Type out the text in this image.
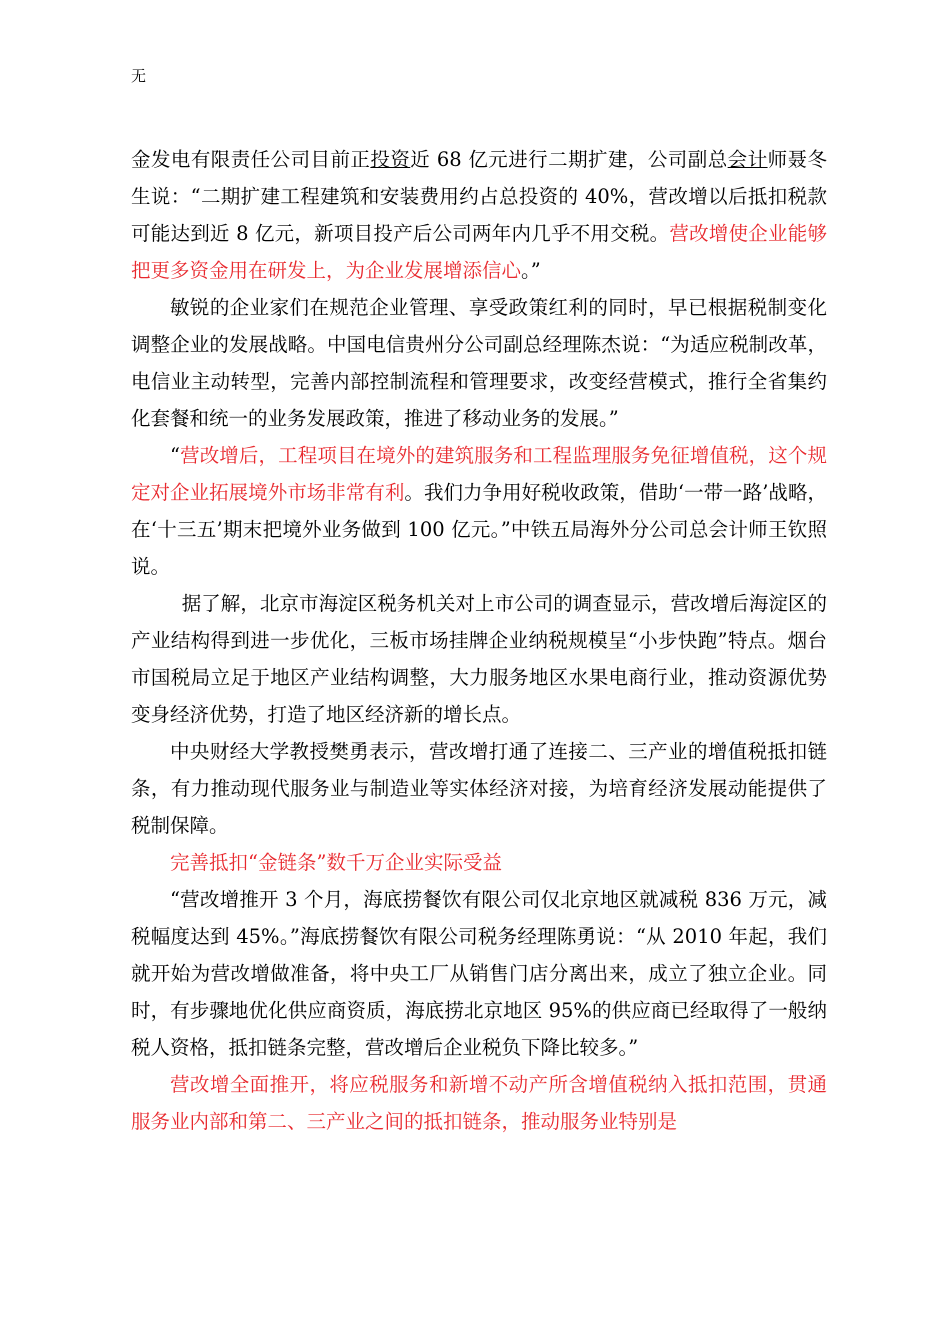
无

金发电有限责任公司目前正投资近 68 亿元进行二期扩建，公司副总会计师聂冬生说：“二期扩建工程建筑和安装费用约占总投资的 40%，营改增以后抵扣税款可能达到近 8 亿元，新项目投产后公司两年内几乎不用交税。营改增使企业能够把更多资金用在研发上，为企业发展增添信心。”

敏锐的企业家们在规范企业管理、享受政策红利的同时，早已根据税制变化调整企业的发展战略。中国电信贵州分公司副总经理陈杰说：“为适应税制改革，电信业主动转型，完善内部控制流程和管理要求，改变经营模式，推行全省集约化套餐和统一的业务发展政策，推进了移动业务的发展。”

“营改增后，工程项目在境外的建筑服务和工程监理服务免征增值税，这个规定对企业拓展境外市场非常有利。我们力争用好税收政策，借助‘一带一路’战略，在‘十三五’期末把境外业务做到 100 亿元。”中铁五局海外分公司总会计师王钦照说。

据了解，北京市海淀区税务机关对上市公司的调查显示，营改增后海淀区的产业结构得到进一步优化，三板市场挂牌企业纳税规模呈“小步快跑”特点。烟台市国税局立足于地区产业结构调整，大力服务地区水果电商行业，推动资源优势变身经济优势，打造了地区经济新的增长点。

中央财经大学教授樊勇表示，营改增打通了连接二、三产业的增值税抵扣链条，有力推动现代服务业与制造业等实体经济对接，为培育经济发展动能提供了税制保障。

完善抵扣“金链条”数千万企业实际受益

“营改增推开 3 个月，海底捞餐饮有限公司仅北京地区就减税 836 万元，减税幅度达到 45%。”海底捞餐饮有限公司税务经理陈勇说：“从 2010 年起，我们就开始为营改增做准备，将中央工厂从销售门店分离出来，成立了独立企业。同时，有步骤地优化供应商资质，海底捞北京地区 95%的供应商已经取得了一般纳税人资格，抵扣链条完整，营改增后企业税负下降比较多。”

营改增全面推开，将应税服务和新增不动产所含增值税纳入抵扣范围，贯通服务业内部和第二、三产业之间的抵扣链条，推动服务业特别是
